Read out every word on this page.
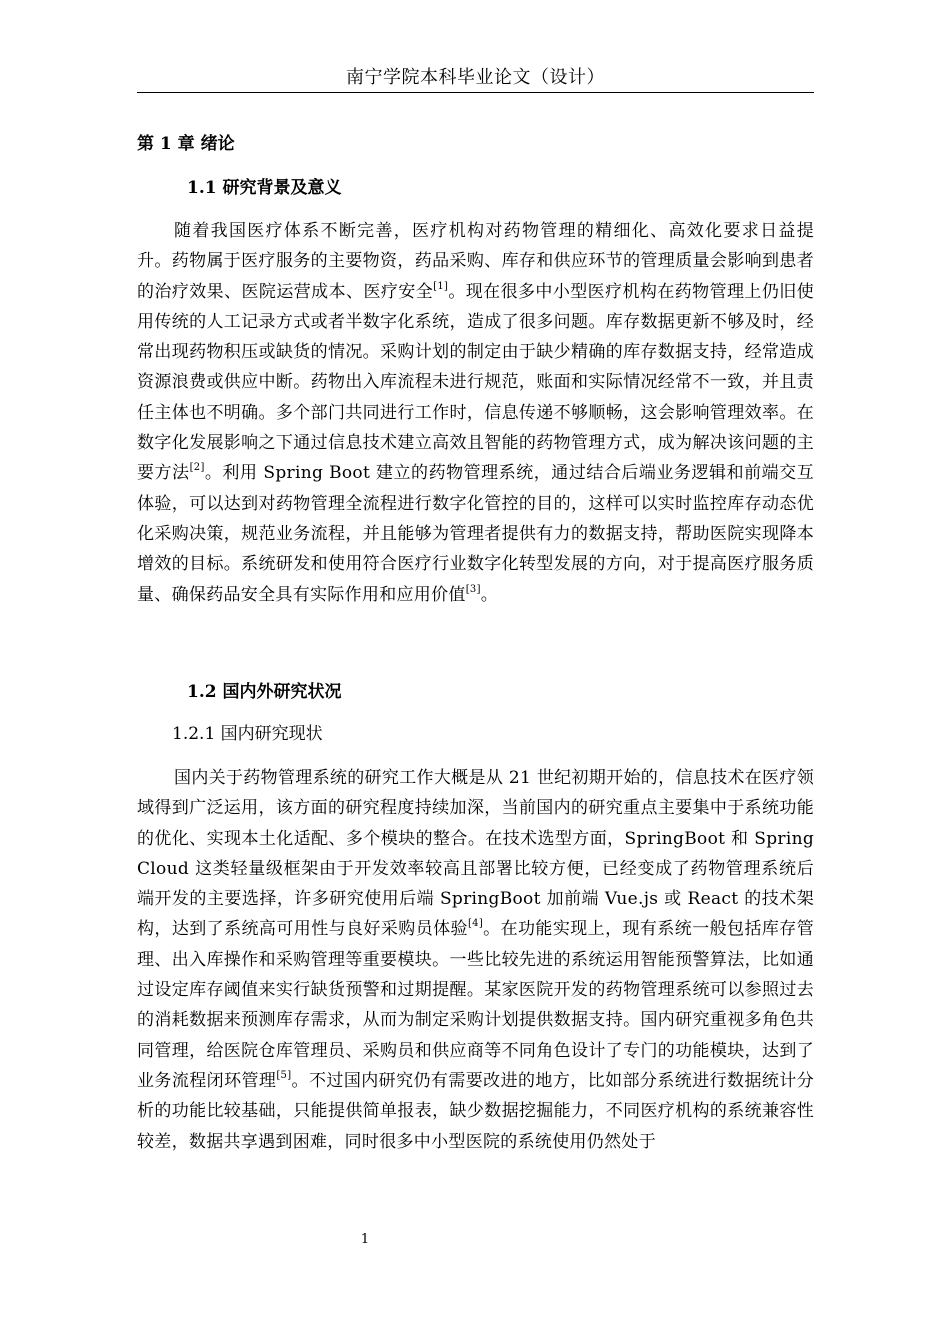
南宁学院本科毕业论文（设计）
第 1 章 绪论
1.1 研究背景及意义
随着我国医疗体系不断完善，医疗机构对药物管理的精细化、高效化要求日益提升。药物属于医疗服务的主要物资，药品采购、库存和供应环节的管理质量会影响到患者的治疗效果、医院运营成本、医疗安全[1]。现在很多中小型医疗机构在药物管理上仍旧使用传统的人工记录方式或者半数字化系统，造成了很多问题。库存数据更新不够及时，经常出现药物积压或缺货的情况。采购计划的制定由于缺少精确的库存数据支持，经常造成资源浪费或供应中断。药物出入库流程未进行规范，账面和实际情况经常不一致，并且责任主体也不明确。多个部门共同进行工作时，信息传递不够顺畅，这会影响管理效率。在数字化发展影响之下通过信息技术建立高效且智能的药物管理方式，成为解决该问题的主要方法[2]。利用 Spring Boot 建立的药物管理系统，通过结合后端业务逻辑和前端交互体验，可以达到对药物管理全流程进行数字化管控的目的，这样可以实时监控库存动态优化采购决策，规范业务流程，并且能够为管理者提供有力的数据支持，帮助医院实现降本增效的目标。系统研发和使用符合医疗行业数字化转型发展的方向，对于提高医疗服务质量、确保药品安全具有实际作用和应用价值[3]。
1.2 国内外研究状况
1.2.1 国内研究现状
国内关于药物管理系统的研究工作大概是从 21 世纪初期开始的，信息技术在医疗领域得到广泛运用，该方面的研究程度持续加深，当前国内的研究重点主要集中于系统功能的优化、实现本土化适配、多个模块的整合。在技术选型方面，SpringBoot 和 Spring Cloud 这类轻量级框架由于开发效率较高且部署比较方便，已经变成了药物管理系统后端开发的主要选择，许多研究使用后端 SpringBoot 加前端 Vue.js 或 React 的技术架构，达到了系统高可用性与良好采购员体验[4]。在功能实现上，现有系统一般包括库存管理、出入库操作和采购管理等重要模块。一些比较先进的系统运用智能预警算法，比如通过设定库存阈值来实行缺货预警和过期提醒。某家医院开发的药物管理系统可以参照过去的消耗数据来预测库存需求，从而为制定采购计划提供数据支持。国内研究重视多角色共同管理，给医院仓库管理员、采购员和供应商等不同角色设计了专门的功能模块，达到了业务流程闭环管理[5]。不过国内研究仍有需要改进的地方，比如部分系统进行数据统计分析的功能比较基础，只能提供简单报表，缺少数据挖掘能力，不同医疗机构的系统兼容性较差，数据共享遇到困难，同时很多中小型医院的系统使用仍然处于
1
